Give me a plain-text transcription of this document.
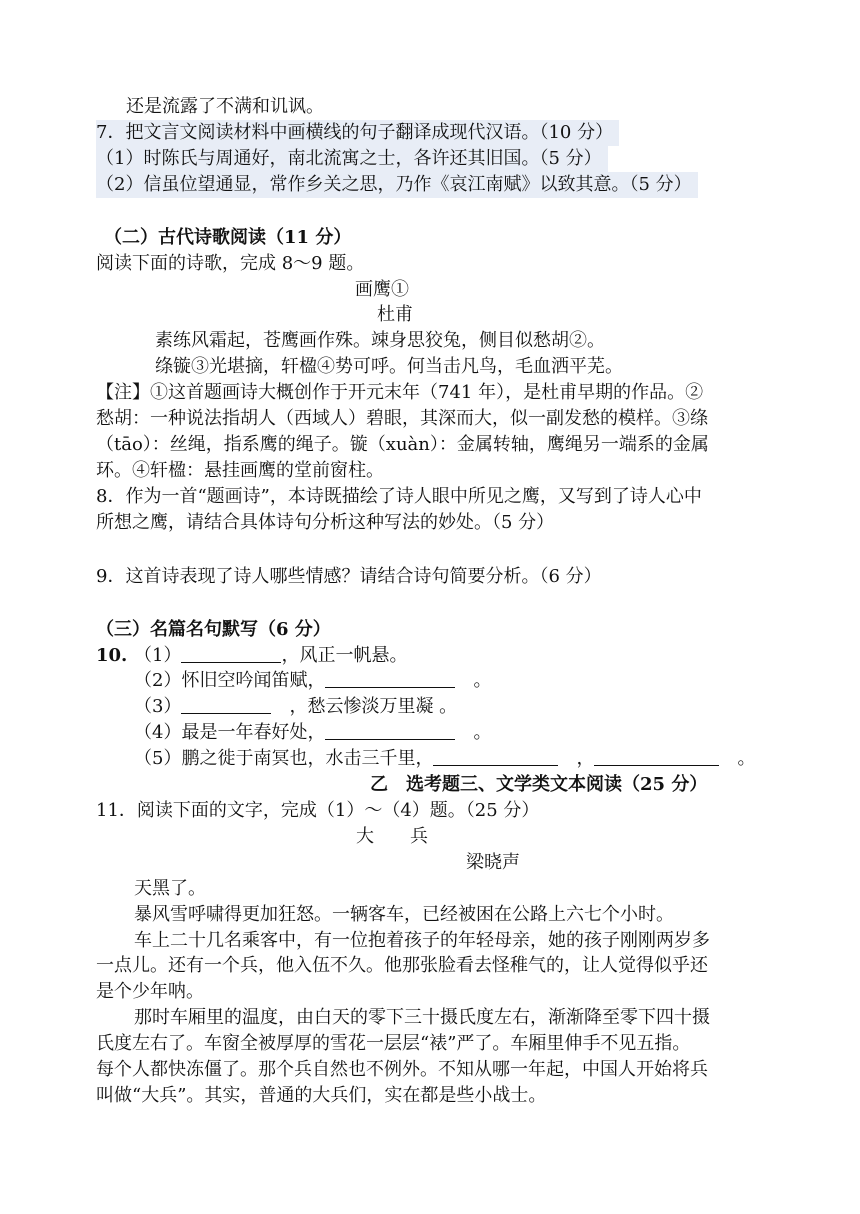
还是流露了不满和讥讽。
7．把文言文阅读材料中画横线的句子翻译成现代汉语。（10 分）
（1）时陈氏与周通好，南北流寓之士，各许还其旧国。（5 分）
（2）信虽位望通显，常作乡关之思，乃作《哀江南赋》以致其意。（5 分）
（二）古代诗歌阅读（11 分）
阅读下面的诗歌，完成 8～9 题。
画鹰①
杜甫
素练风霜起，苍鹰画作殊。竦身思狡兔，侧目似愁胡②。
绦镟③光堪摘，轩楹④势可呼。何当击凡鸟，毛血洒平芜。
【注】①这首题画诗大概创作于开元末年（741 年），是杜甫早期的作品。②
愁胡：一种说法指胡人（西域人）碧眼，其深而大，似一副发愁的模样。③绦
（tāo）：丝绳，指系鹰的绳子。镟（xuàn）：金属转轴，鹰绳另一端系的金属
环。④轩楹：悬挂画鹰的堂前窗柱。
8．作为一首“题画诗”，本诗既描绘了诗人眼中所见之鹰，又写到了诗人心中
所想之鹰，请结合具体诗句分析这种写法的妙处。（5 分）
9．这首诗表现了诗人哪些情感？请结合诗句简要分析。（6 分）
（三）名篇名句默写（6 分）
10. （1）	，风正一帆悬。
（2）怀旧空吟闻笛赋，　	。
（3）　	，愁云惨淡万里凝 。
（4）最是一年春好处，　	。
（5）鹏之徙于南冥也，水击三千里，　	，　	。
乙　选考题三、文学类文本阅读（25 分）
11．阅读下面的文字，完成（1）～（4）题。（25 分）
大　　兵
梁晓声
天黑了。
暴风雪呼啸得更加狂怒。一辆客车，已经被困在公路上六七个小时。
车上二十几名乘客中，有一位抱着孩子的年轻母亲，她的孩子刚刚两岁多
一点儿。还有一个兵，他入伍不久。他那张脸看去怪稚气的，让人觉得似乎还
是个少年呐。
那时车厢里的温度，由白天的零下三十摄氏度左右，渐渐降至零下四十摄
氏度左右了。车窗全被厚厚的雪花一层层“裱”严了。车厢里伸手不见五指。
每个人都快冻僵了。那个兵自然也不例外。不知从哪一年起，中国人开始将兵
叫做“大兵”。其实，普通的大兵们，实在都是些小战士。
